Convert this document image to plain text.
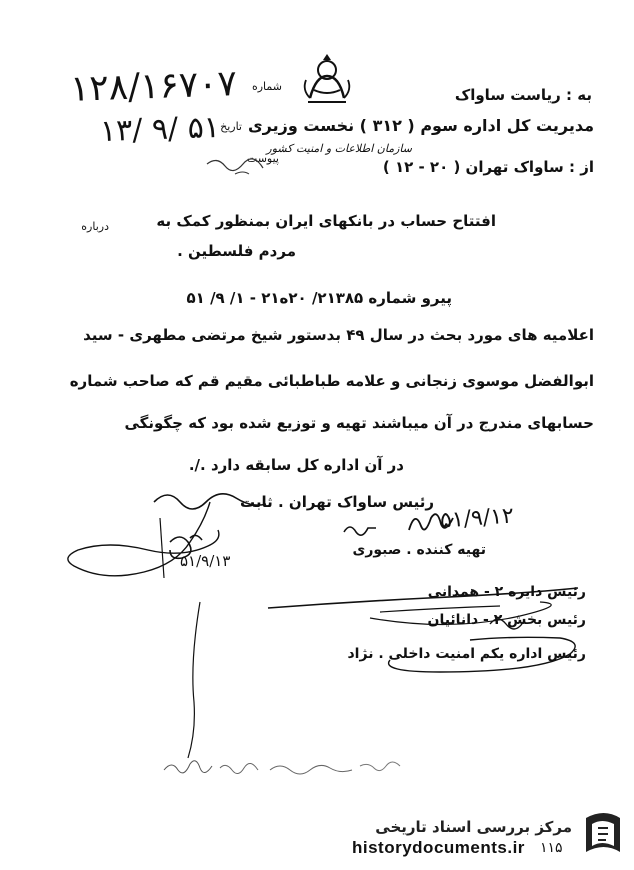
به : ریاست ساواک
مدیریت کل اداره سوم ( ۳۱۲ ) نخست وزیری
سازمان اطلاعات و امنیت کشور
از : ساواک تهران ( ۲۰ - ۱۲ )
شماره
۱۲۸/۱۶۷۰۷
تاریخ
۱۳/ ۹/ ۵۱
پیوست
درباره	افتتاح حساب در بانکهای ایران بمنظور کمک به
مردم فلسطین .
پیرو شماره ۲۱۳۸۵/ ۲۰ه۲۱ - ۱/ ۹/ ۵۱
اعلامیه های مورد بحث در سال ۴۹ بدستور شیخ مرتضی مطهری - سید
ابوالفضل موسوی زنجانی و علامه طباطبائی مقیم قم که صاحب شماره
حسابهای مندرج در آن میباشند تهیه و توزیع شده بود که چگونگی
در آن اداره کل سابقه دارد ./.
رئیس ساواک تهران . ثابت
۵۱/۹/۱۲
تهیه کننده . صبوری
۵۱/۹/۱۳
رئیس دایره ۲ - همدانی
رئیس بخش ۲ - دانائیان
رئیس اداره یکم امنیت داخلی . نژاد
مرکز بررسی اسناد تاریخی
historydocuments.ir ۱۱۵
